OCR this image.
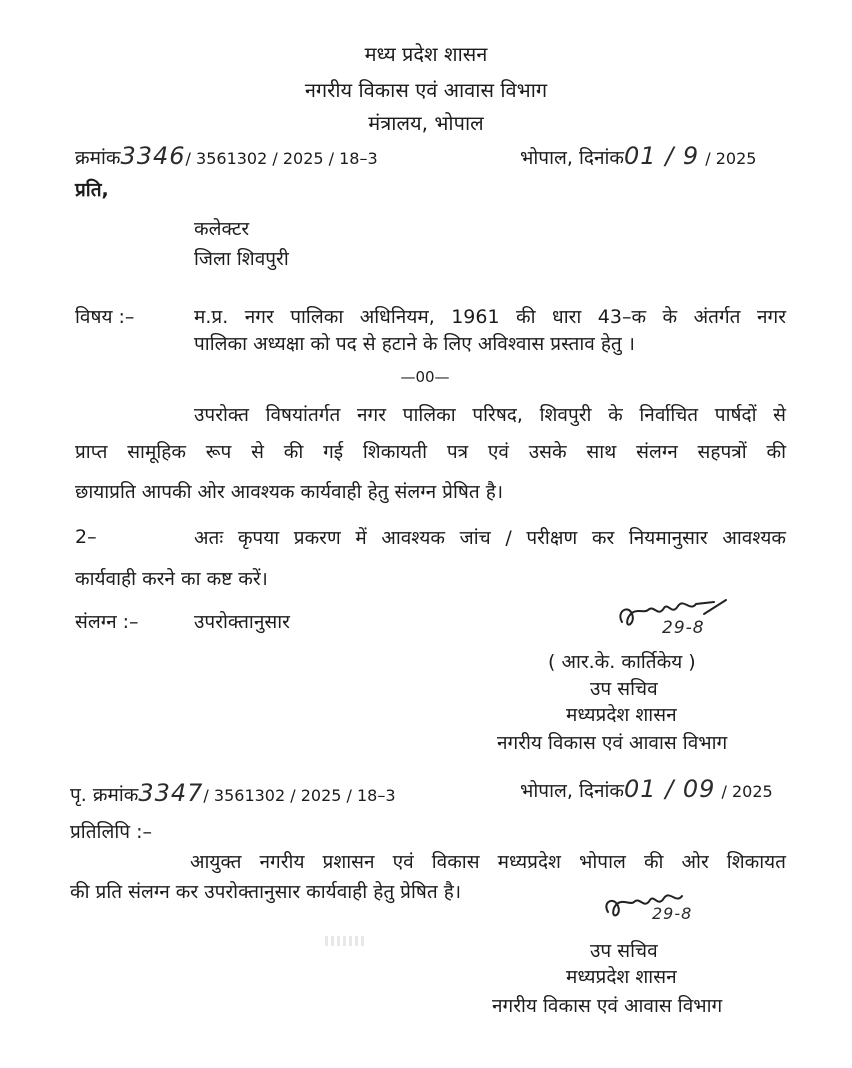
मध्य प्रदेश शासन
नगरीय विकास एवं आवास विभाग
मंत्रालय, भोपाल
क्रमांक3346/ 3561302 / 2025 / 18–3	भोपाल, दिनांक01 / 9 / 2025
प्रति,
कलेक्टर
जिला शिवपुरी
विषय :–	म.प्र. नगर पालिका अधिनियम, 1961 की धारा 43–क के अंतर्गत नगर
पालिका अध्यक्षा को पद से हटाने के लिए अविश्वास प्रस्ताव हेतु ।
—00—
उपरोक्त विषयांतर्गत नगर पालिका परिषद, शिवपुरी के निर्वाचित पार्षदों से
प्राप्त सामूहिक रूप से की गई शिकायती पत्र एवं उसके साथ संलग्न सहपत्रों की
छायाप्रति आपकी ओर आवश्यक कार्यवाही हेतु संलग्न प्रेषित है।
2–	अतः कृपया प्रकरण में आवश्यक जांच / परीक्षण कर नियमानुसार आवश्यक
कार्यवाही करने का कष्ट करें।
संलग्न :–	उपरोक्तानुसार	29-8
( आर.के. कार्तिकेय )
उप सचिव
मध्यप्रदेश शासन
नगरीय विकास एवं आवास विभाग
पृ. क्रमांक3347/ 3561302 / 2025 / 18–3	भोपाल, दिनांक01 / 09 / 2025
प्रतिलिपि :–
आयुक्त नगरीय प्रशासन एवं विकास मध्यप्रदेश भोपाल की ओर शिकायत
की प्रति संलग्न कर उपरोक्तानुसार कार्यवाही हेतु प्रेषित है।
29-8
उप सचिव
मध्यप्रदेश शासन
नगरीय विकास एवं आवास विभाग
